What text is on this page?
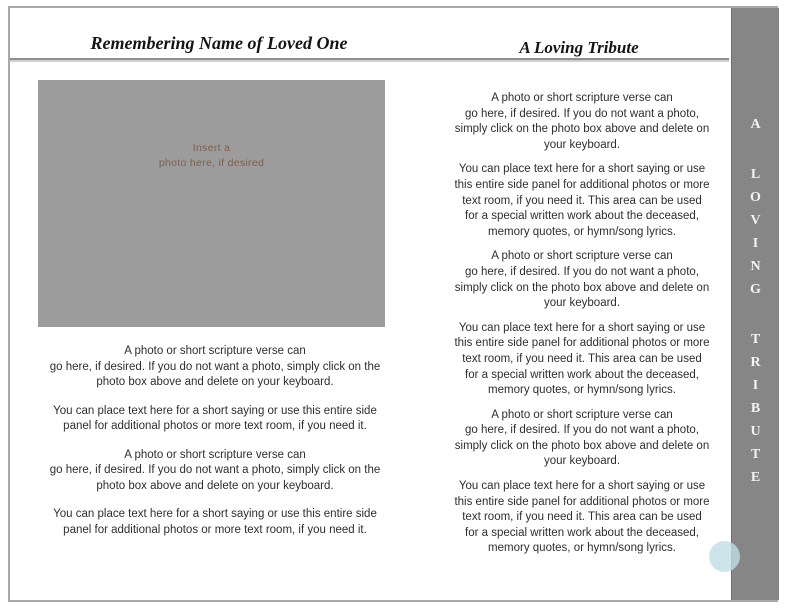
Remembering Name of Loved One	A Loving Tribute
Insert a
photo here, if desired

A photo or short scripture verse can
go here, if desired. If you do not want a photo, simply click on the
photo box above and delete on your keyboard.

You can place text here for a short saying or use this entire side
panel for additional photos or more text room, if you need it.

A photo or short scripture verse can
go here, if desired. If you do not want a photo, simply click on the
photo box above and delete on your keyboard.

You can place text here for a short saying or use this entire side
panel for additional photos or more text room, if you need it.

A photo or short scripture verse can
go here, if desired. If you do not want a photo,
simply click on the photo box above and delete on
your keyboard.

You can place text here for a short saying or use
this entire side panel for additional photos or more
text room, if you need it. This area can be used
for a special written work about the deceased,
memory quotes, or hymn/song lyrics.

A photo or short scripture verse can
go here, if desired. If you do not want a photo,
simply click on the photo box above and delete on
your keyboard.

You can place text here for a short saying or use
this entire side panel for additional photos or more
text room, if you need it. This area can be used
for a special written work about the deceased,
memory quotes, or hymn/song lyrics.

A photo or short scripture verse can
go here, if desired. If you do not want a photo,
simply click on the photo box above and delete on
your keyboard.

You can place text here for a short saying or use
this entire side panel for additional photos or more
text room, if you need it. This area can be used
for a special written work about the deceased,
memory quotes, or hymn/song lyrics.

A
L
O
V
I
N
G
T
R
I
B
U
T
E
